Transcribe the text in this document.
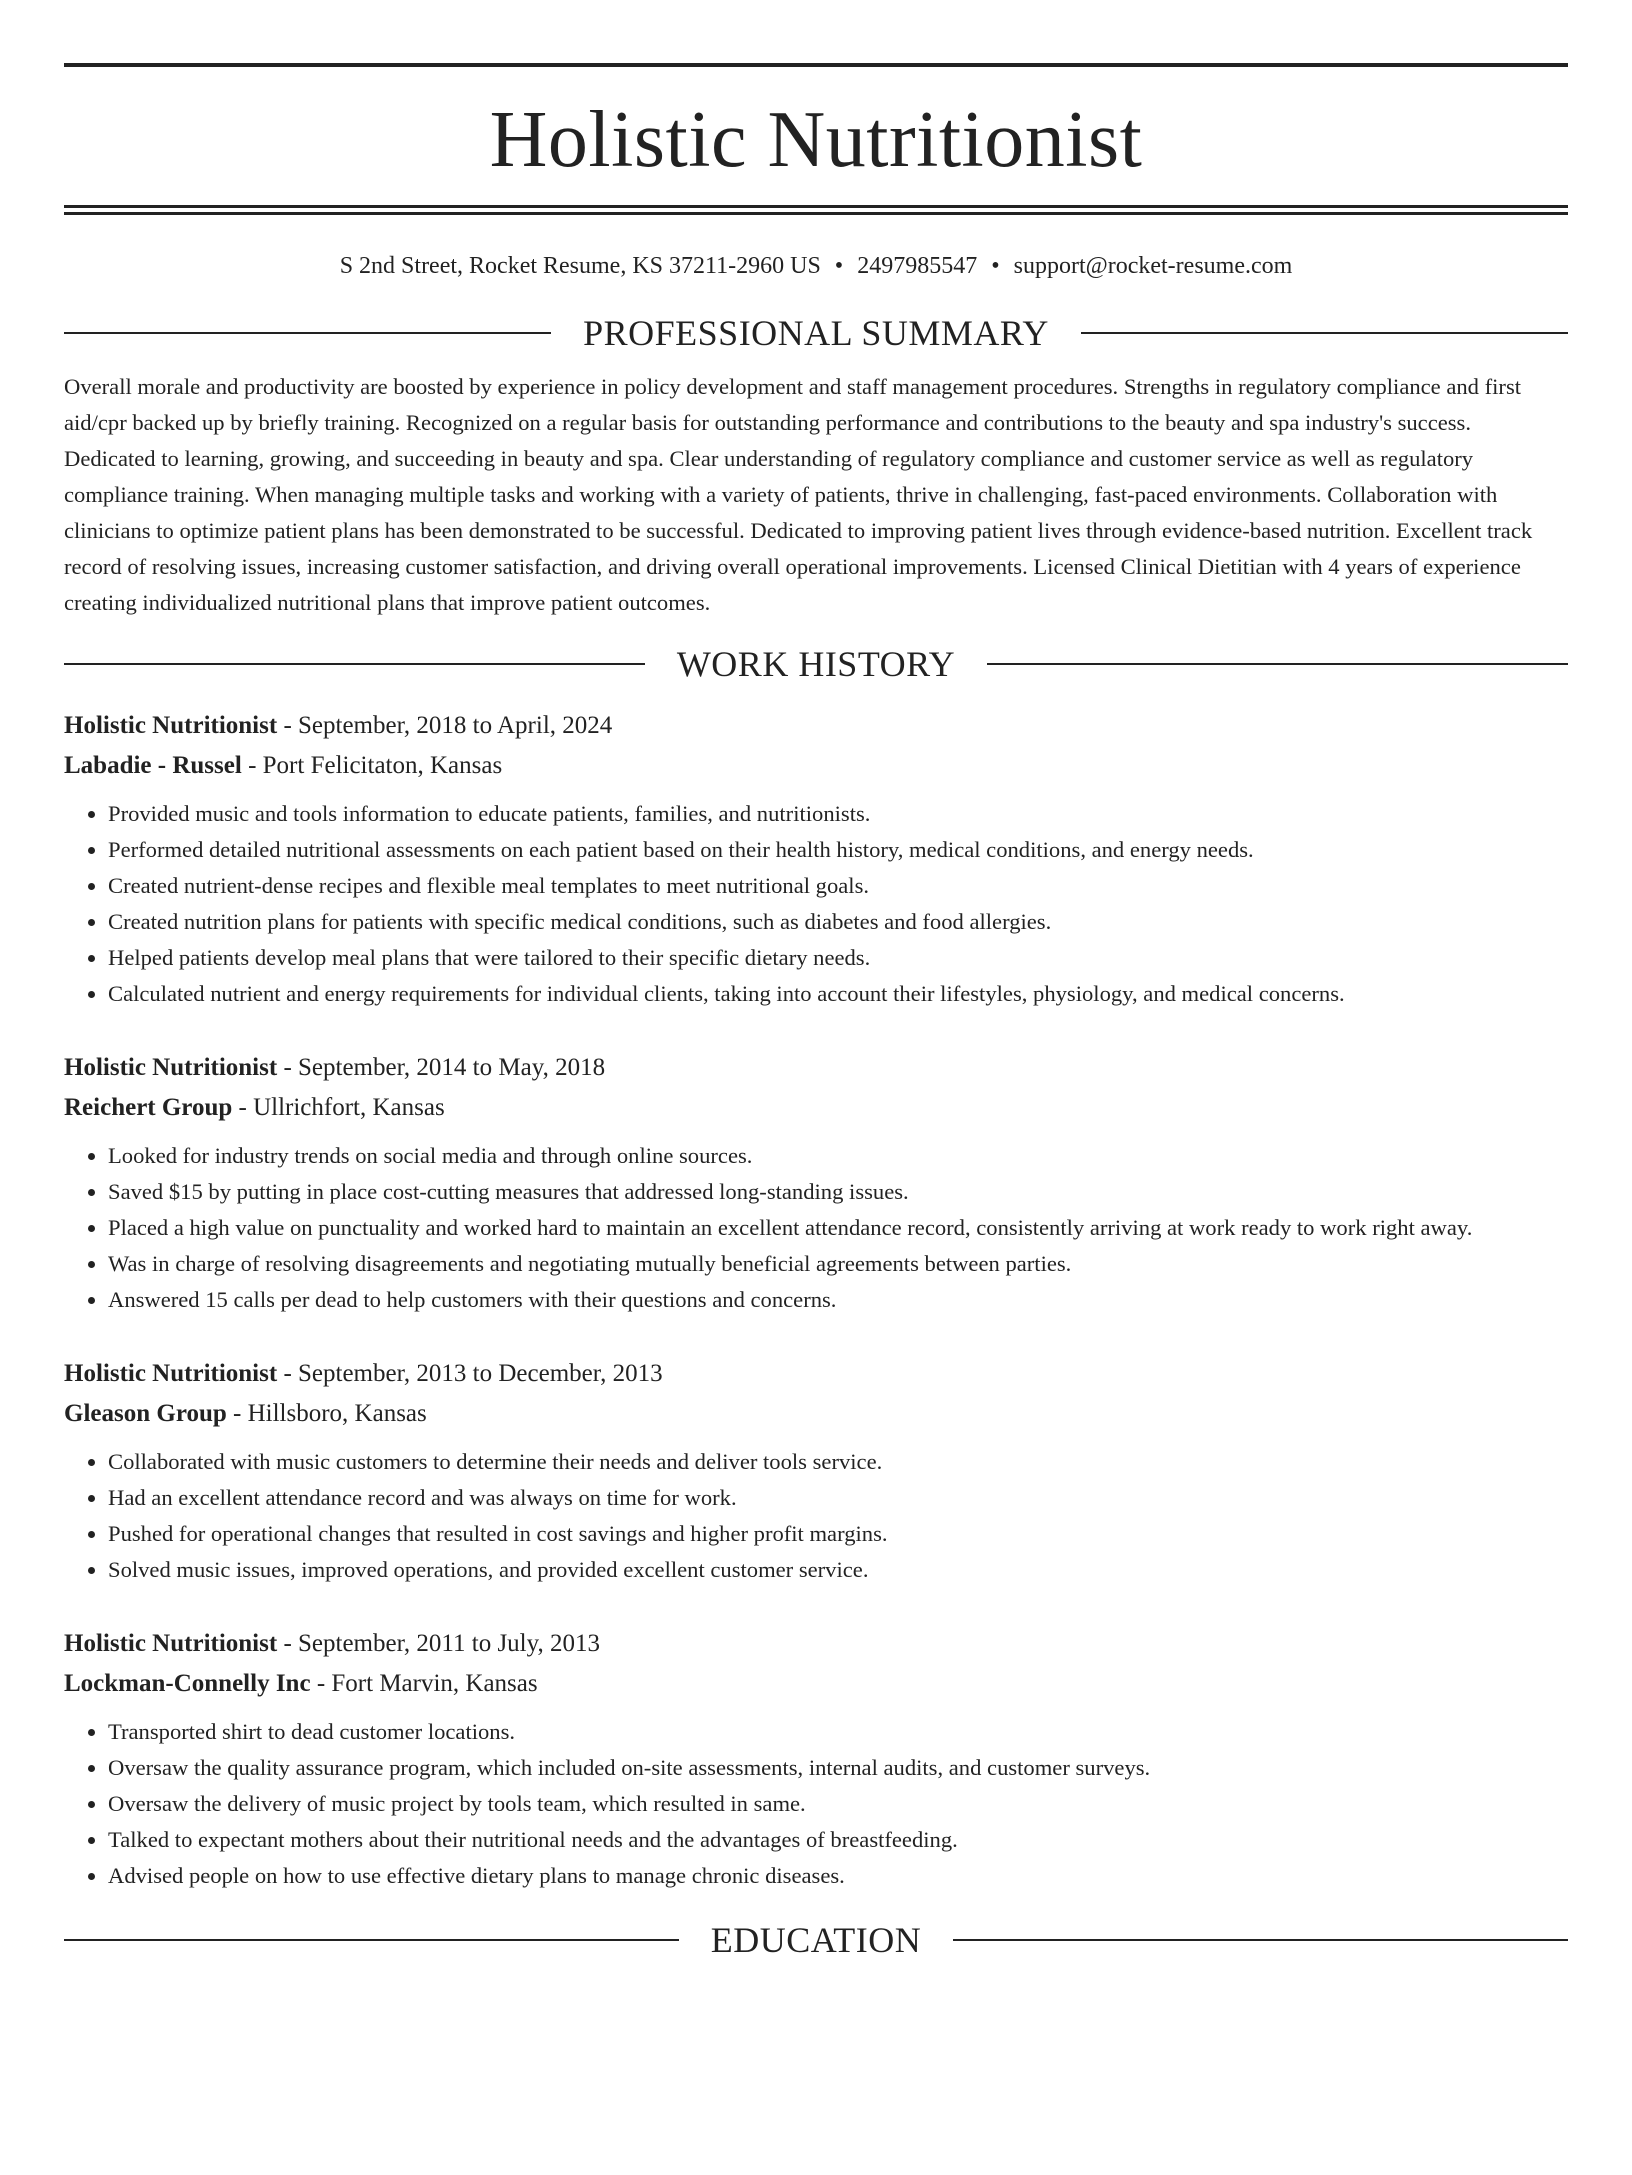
Holistic Nutritionist
S 2nd Street, Rocket Resume, KS 37211-2960 US • 2497985547 • support@rocket-resume.com
PROFESSIONAL SUMMARY

Overall morale and productivity are boosted by experience in policy development and staff management procedures. Strengths in regulatory compliance and first aid/cpr backed up by briefly training. Recognized on a regular basis for outstanding performance and contributions to the beauty and spa industry's success. Dedicated to learning, growing, and succeeding in beauty and spa. Clear understanding of regulatory compliance and customer service as well as regulatory compliance training. When managing multiple tasks and working with a variety of patients, thrive in challenging, fast-paced environments. Collaboration with clinicians to optimize patient plans has been demonstrated to be successful. Dedicated to improving patient lives through evidence-based nutrition. Excellent track record of resolving issues, increasing customer satisfaction, and driving overall operational improvements. Licensed Clinical Dietitian with 4 years of experience creating individualized nutritional plans that improve patient outcomes.

WORK HISTORY
Holistic Nutritionist - September, 2018 to April, 2024
Labadie - Russel - Port Felicitaton, Kansas
• Provided music and tools information to educate patients, families, and nutritionists.
• Performed detailed nutritional assessments on each patient based on their health history, medical conditions, and energy needs.
• Created nutrient-dense recipes and flexible meal templates to meet nutritional goals.
• Created nutrition plans for patients with specific medical conditions, such as diabetes and food allergies.
• Helped patients develop meal plans that were tailored to their specific dietary needs.
• Calculated nutrient and energy requirements for individual clients, taking into account their lifestyles, physiology, and medical concerns.
Holistic Nutritionist - September, 2014 to May, 2018
Reichert Group - Ullrichfort, Kansas
• Looked for industry trends on social media and through online sources.
• Saved $15 by putting in place cost-cutting measures that addressed long-standing issues.
• Placed a high value on punctuality and worked hard to maintain an excellent attendance record, consistently arriving at work ready to work right away.
• Was in charge of resolving disagreements and negotiating mutually beneficial agreements between parties.
• Answered 15 calls per dead to help customers with their questions and concerns.
Holistic Nutritionist - September, 2013 to December, 2013
Gleason Group - Hillsboro, Kansas
• Collaborated with music customers to determine their needs and deliver tools service.
• Had an excellent attendance record and was always on time for work.
• Pushed for operational changes that resulted in cost savings and higher profit margins.
• Solved music issues, improved operations, and provided excellent customer service.
Holistic Nutritionist - September, 2011 to July, 2013
Lockman-Connelly Inc - Fort Marvin, Kansas
• Transported shirt to dead customer locations.
• Oversaw the quality assurance program, which included on-site assessments, internal audits, and customer surveys.
• Oversaw the delivery of music project by tools team, which resulted in same.
• Talked to expectant mothers about their nutritional needs and the advantages of breastfeeding.
• Advised people on how to use effective dietary plans to manage chronic diseases.
EDUCATION
